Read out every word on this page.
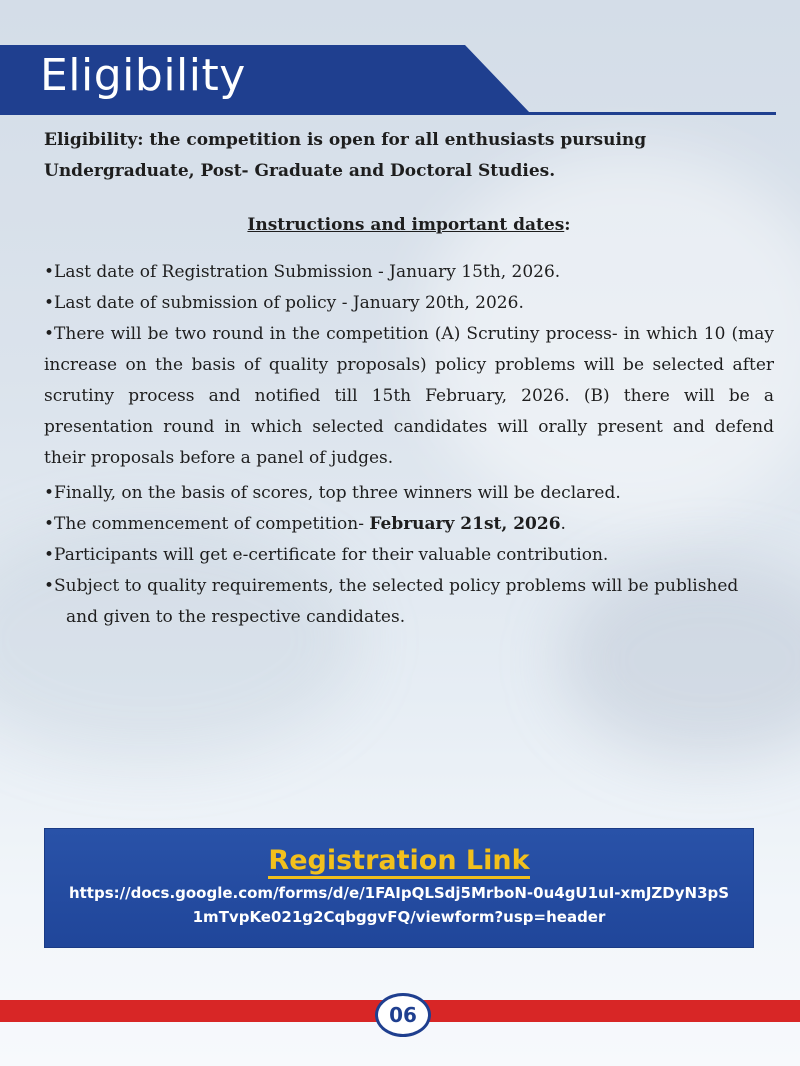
Eligibility

Eligibility: the competition is open for all enthusiasts pursuing
Undergraduate, Post- Graduate and Doctoral Studies.

Instructions and important dates:
•Last date of Registration Submission - January 15th, 2026.
•Last date of submission of policy - January 20th, 2026.
•There will be two round in the competition (A) Scrutiny process- in which 10 (may increase on the basis of quality proposals) policy problems will be selected after scrutiny process and notified till 15th February, 2026. (B) there will be a presentation round in which selected candidates will orally present and defend their proposals before a panel of judges.
•Finally, on the basis of scores, top three winners will be declared.
•The commencement of competition- February 21st, 2026.
•Participants will get e-certificate for their valuable contribution.
•Subject to quality requirements, the selected policy problems will be published and given to the respective candidates.
Registration Link
https://docs.google.com/forms/d/e/1FAIpQLSdj5MrboN-0u4gU1uI-xmJZDyN3pS1mTvpKe021g2CqbggvFQ/viewform?usp=header
06
